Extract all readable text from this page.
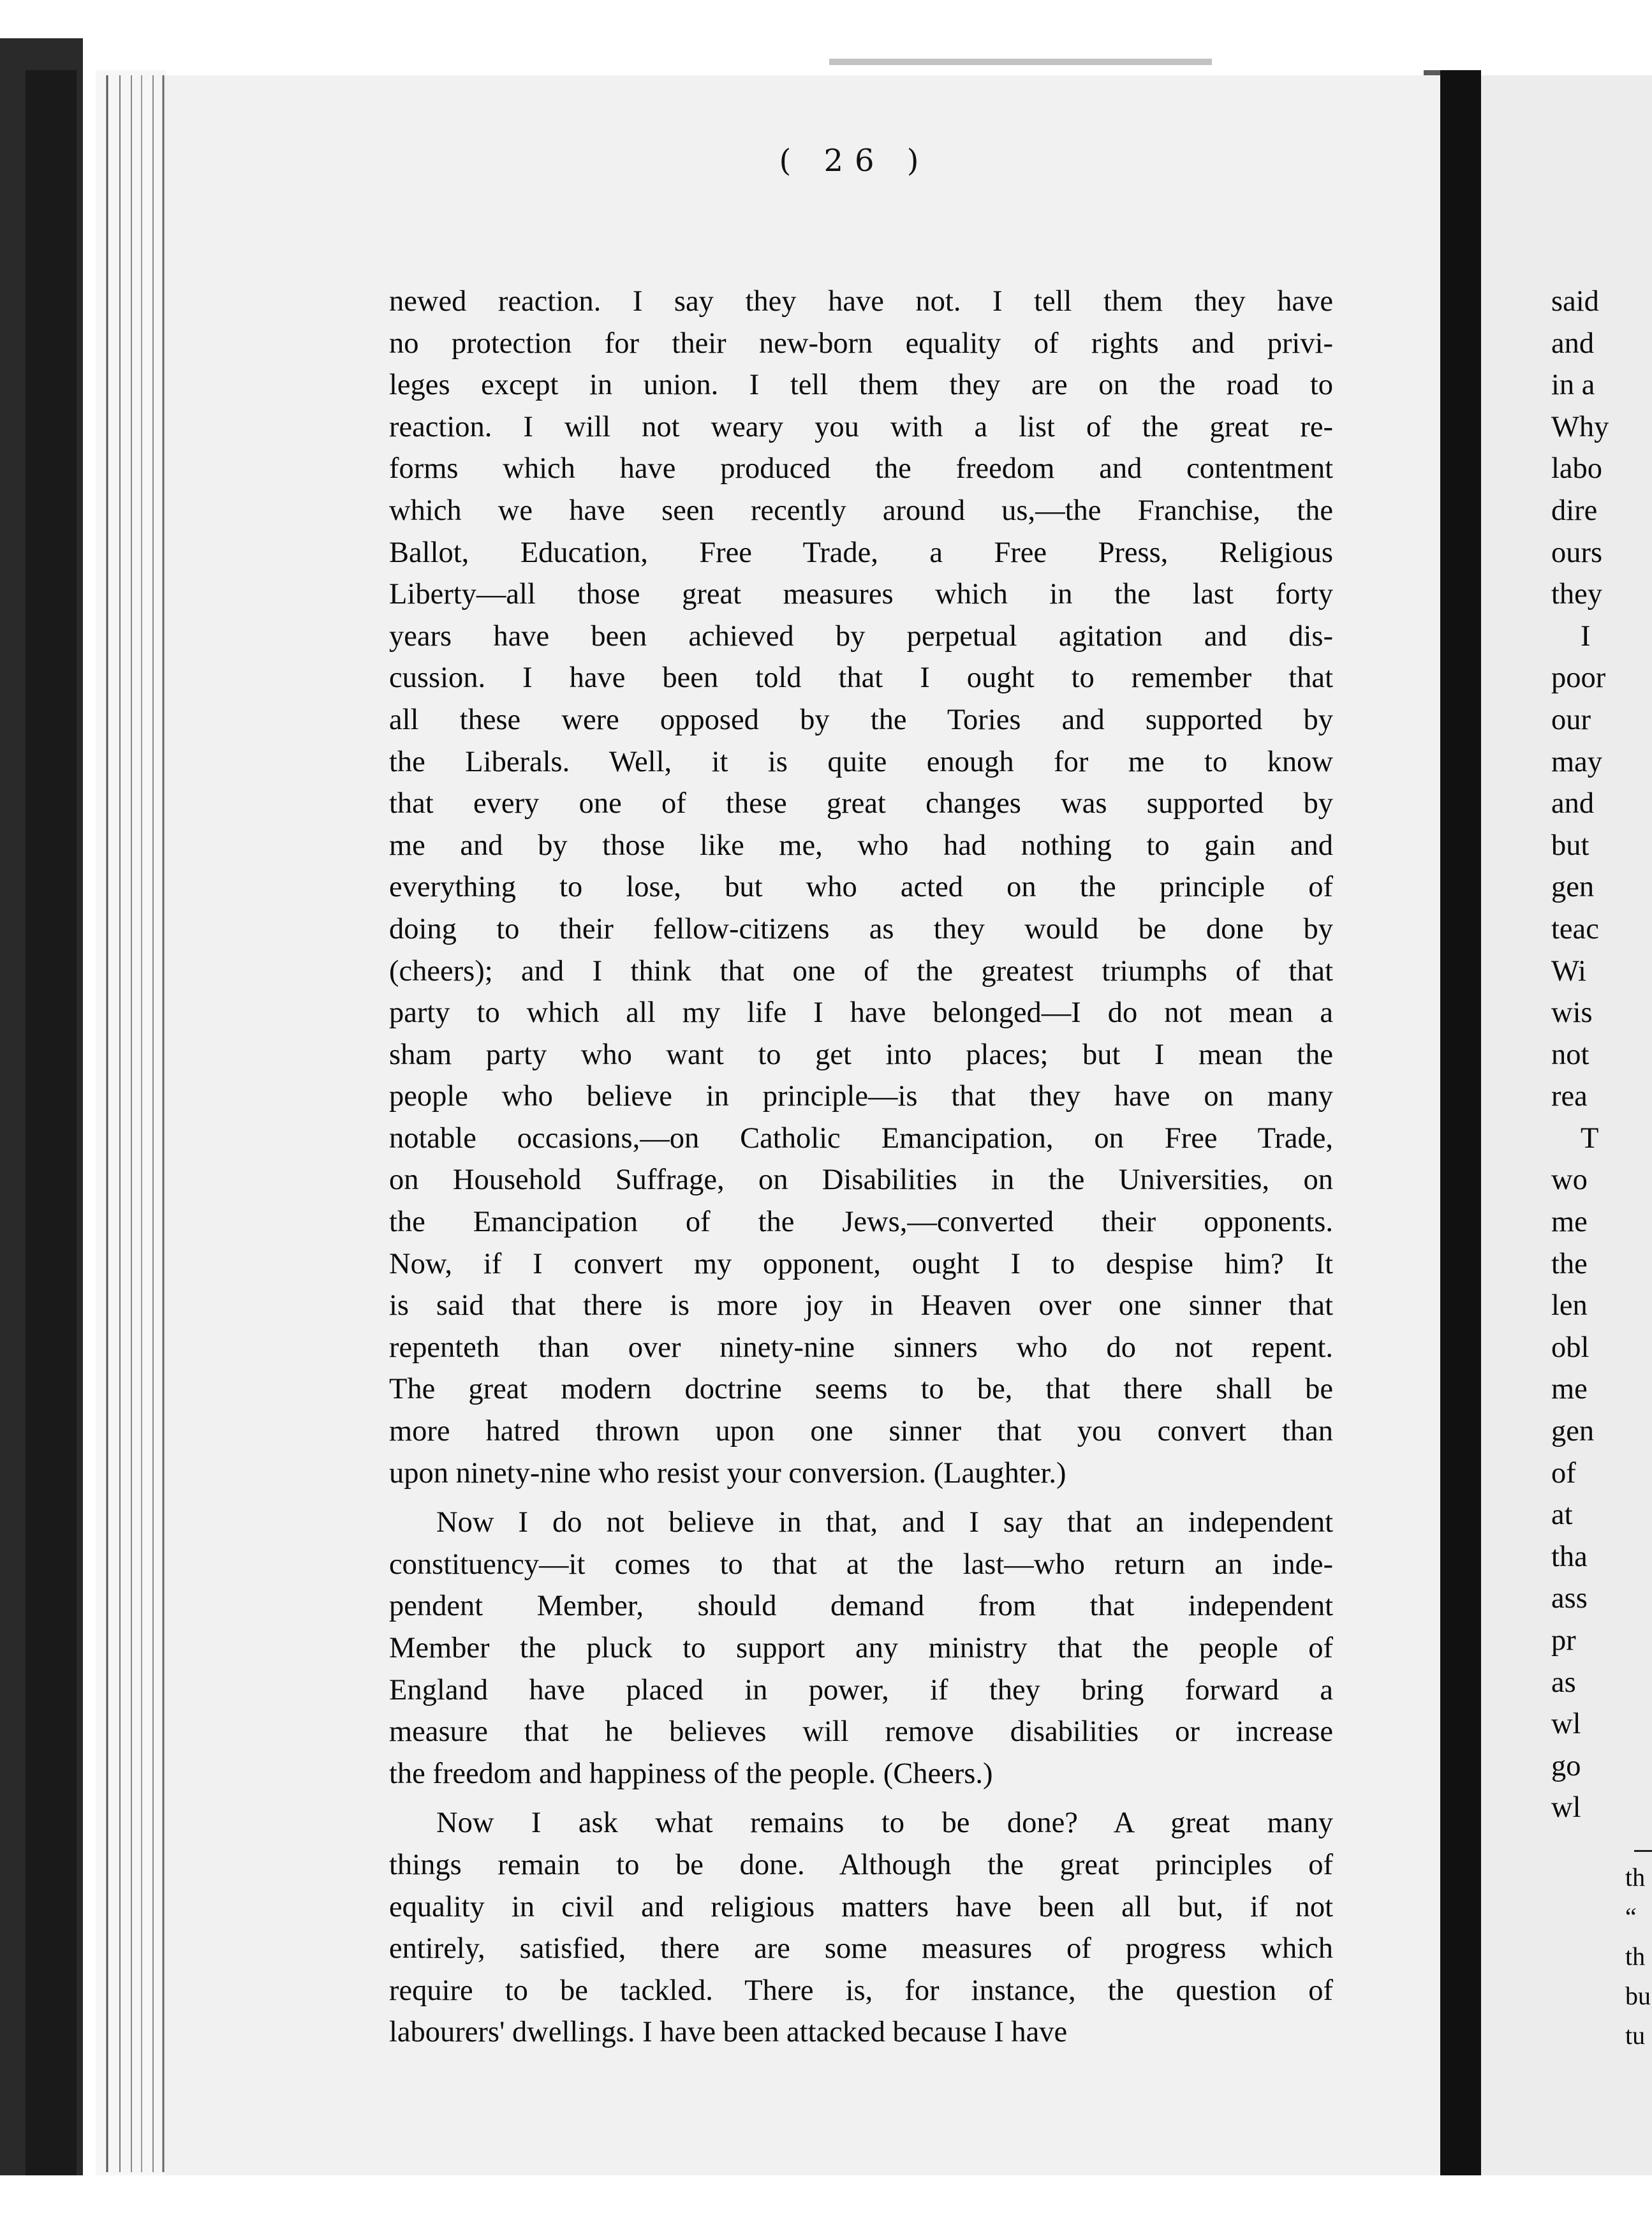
( 26 )
newed reaction. I say they have not. I tell them they have
no protection for their new-born equality of rights and privi-
leges except in union. I tell them they are on the road to
reaction. I will not weary you with a list of the great re-
forms which have produced the freedom and contentment
which we have seen recently around us,—the Franchise, the
Ballot, Education, Free Trade, a Free Press, Religious
Liberty—all those great measures which in the last forty
years have been achieved by perpetual agitation and dis-
cussion. I have been told that I ought to remember that
all these were opposed by the Tories and supported by
the Liberals. Well, it is quite enough for me to know
that every one of these great changes was supported by
me and by those like me, who had nothing to gain and
everything to lose, but who acted on the principle of
doing to their fellow-citizens as they would be done by
(cheers); and I think that one of the greatest triumphs of that
party to which all my life I have belonged—I do not mean a
sham party who want to get into places; but I mean the
people who believe in principle—is that they have on many
notable occasions,—on Catholic Emancipation, on Free Trade,
on Household Suffrage, on Disabilities in the Universities, on
the Emancipation of the Jews,—converted their opponents.
Now, if I convert my opponent, ought I to despise him? It
is said that there is more joy in Heaven over one sinner that
repenteth than over ninety-nine sinners who do not repent.
The great modern doctrine seems to be, that there shall be
more hatred thrown upon one sinner that you convert than
upon ninety-nine who resist your conversion. (Laughter.)
Now I do not believe in that, and I say that an independent
constituency—it comes to that at the last—who return an inde-
pendent Member, should demand from that independent
Member the pluck to support any ministry that the people of
England have placed in power, if they bring forward a
measure that he believes will remove disabilities or increase
the freedom and happiness of the people. (Cheers.)
Now I ask what remains to be done? A great many
things remain to be done. Although the great principles of
equality in civil and religious matters have been all but, if not
entirely, satisfied, there are some measures of progress which
require to be tackled. There is, for instance, the question of
labourers' dwellings. I have been attacked because I have
said
and
in a
Why
labo
dire
ours
they
I
poor
our
may
and
but
gen
teac
Wi
wis
not
rea
T
wo
me
the
len
obl
me
gen
of
at
tha
ass
pr
as
wl
go
wl
th
“
th
bu
tu
